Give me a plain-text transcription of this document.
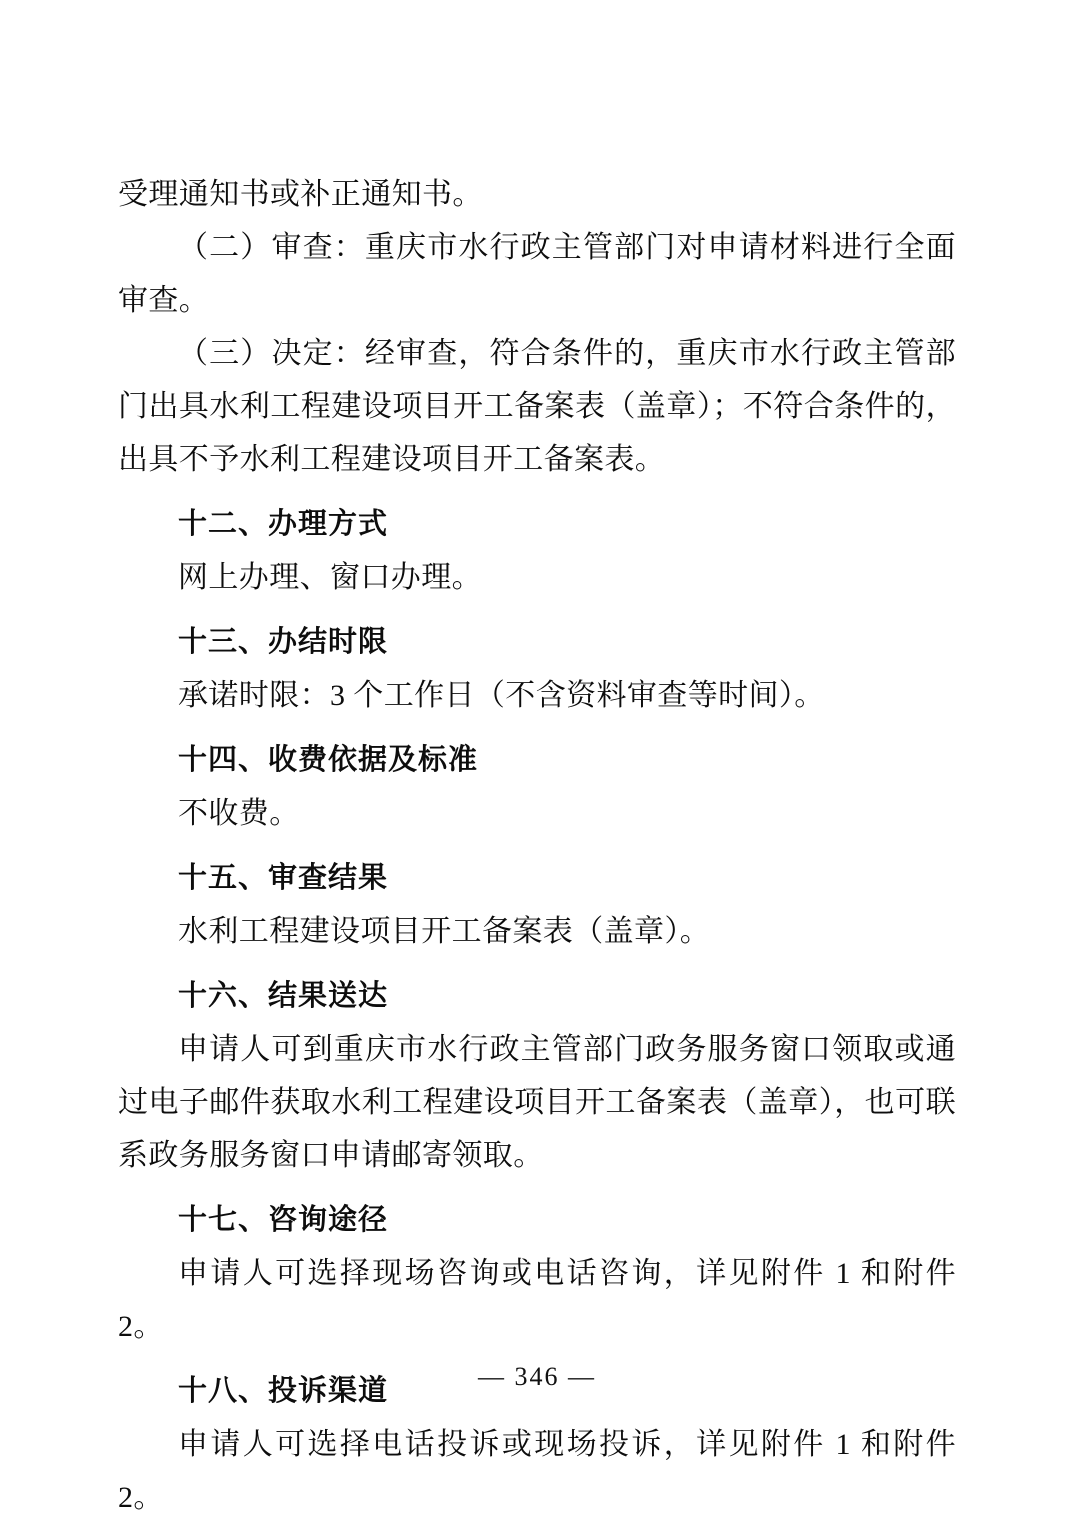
受理通知书或补正通知书。

（二）审查：重庆市水行政主管部门对申请材料进行全面审查。

（三）决定：经审查，符合条件的，重庆市水行政主管部门出具水利工程建设项目开工备案表（盖章）；不符合条件的，出具不予水利工程建设项目开工备案表。

十二、办理方式

网上办理、窗口办理。

十三、办结时限

承诺时限：3 个工作日（不含资料审查等时间）。

十四、收费依据及标准

不收费。

十五、审查结果

水利工程建设项目开工备案表（盖章）。

十六、结果送达

申请人可到重庆市水行政主管部门政务服务窗口领取或通过电子邮件获取水利工程建设项目开工备案表（盖章），也可联系政务服务窗口申请邮寄领取。

十七、咨询途径

申请人可选择现场咨询或电话咨询，详见附件 1 和附件 2。

十八、投诉渠道

申请人可选择电话投诉或现场投诉，详见附件 1 和附件 2。

— 346 —
